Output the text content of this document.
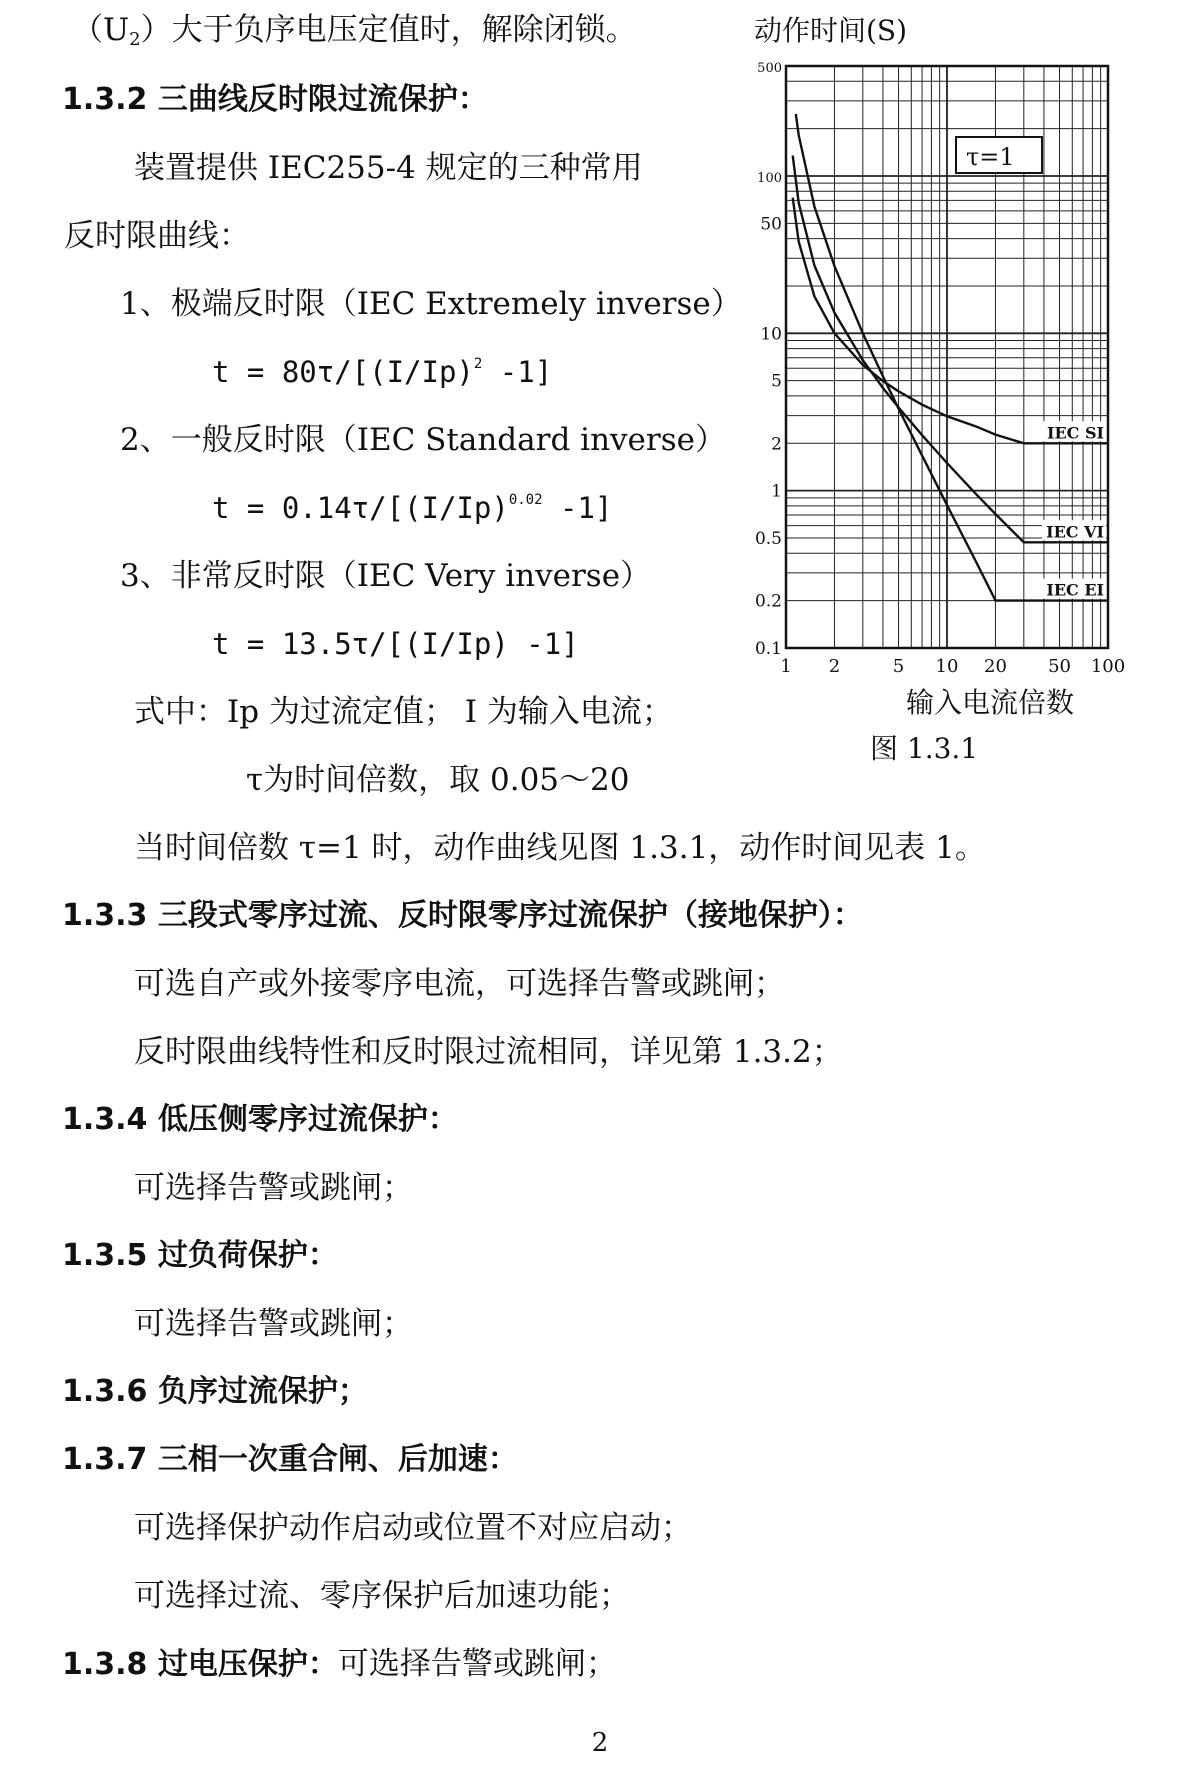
$(U_2)$大于负序电压定值时，解除闭锁。
1.3.2 三曲线反时限过流保护：
装置提供 IEC255-4 规定的三种常用
反时限曲线：
1、极端反时限（IEC Extremely inverse）
$t = 80\tau/[(I/Ip)^2$ -1]
2、一般反时限（IEC Standard inverse）
$t = 0.14\tau/[(I/Ip)^{0.02}$ -1]
3、非常反时限（IEC Very inverse）
t = 13.5τ/[(I/Ip) -1]
式中：Ip 为过流定值； I 为输入电流；
τ为时间倍数，取 0.05～20
当时间倍数 τ=1 时，动作曲线见图 1.3.1，动作时间见表 1。
1.3.3 三段式零序过流、反时限零序过流保护（接地保护）：
可选自产或外接零序电流，可选择告警或跳闸；
反时限曲线特性和反时限过流相同，详见第 1.3.2；
1.3.4 低压侧零序过流保护：
可选择告警或跳闸；
1.3.5 过负荷保护：
可选择告警或跳闸；
1.3.6 负序过流保护；
1.3.7 三相一次重合闸、后加速：
可选择保护动作启动或位置不对应启动；
可选择过流、零序保护后加速功能；
1.3.8 过电压保护：可选择告警或跳闸；
动作时间(S)
500
100
50
10
5
2
1
0.5
0.2
0.1
1 2	5 10 20 50 100
IEC SI
IEC VI
IEC EI
τ=1
输入电流倍数
图 1.3.1
2
